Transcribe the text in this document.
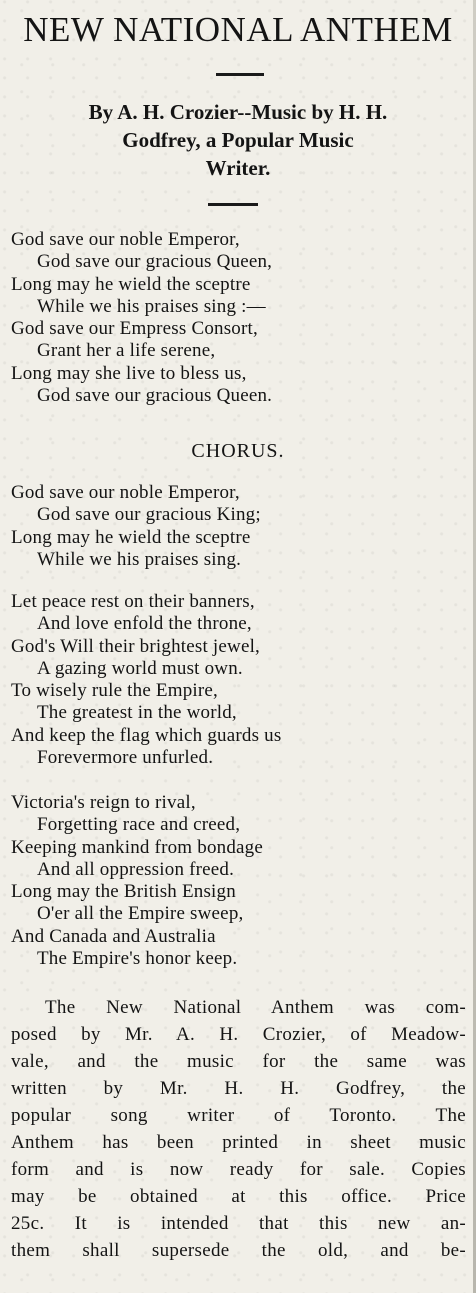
NEW NATIONAL ANTHEM
By A. H. Crozier--Music by H. H.
Godfrey, a Popular Music
Writer.
God save our noble Emperor,
God save our gracious Queen,
Long may he wield the sceptre
While we his praises sing :—
God save our Empress Consort,
Grant her a life serene,
Long may she live to bless us,
God save our gracious Queen.
CHORUS.
God save our noble Emperor,
God save our gracious King;
Long may he wield the sceptre
While we his praises sing.
Let peace rest on their banners,
And love enfold the throne,
God's Will their brightest jewel,
A gazing world must own.
To wisely rule the Empire,
The greatest in the world,
And keep the flag which guards us
Forevermore unfurled.
Victoria's reign to rival,
Forgetting race and creed,
Keeping mankind from bondage
And all oppression freed.
Long may the British Ensign
O'er all the Empire sweep,
And Canada and Australia
The Empire's honor keep.
The New National Anthem was com-
posed by Mr. A. H. Crozier, of Meadow-
vale, and the music for the same was
written by Mr. H. H. Godfrey, the
popular song writer of Toronto. The
Anthem has been printed in sheet music
form and is now ready for sale. Copies
may be obtained at this office. Price
25c. It is intended that this new an-
them shall supersede the old, and be-
